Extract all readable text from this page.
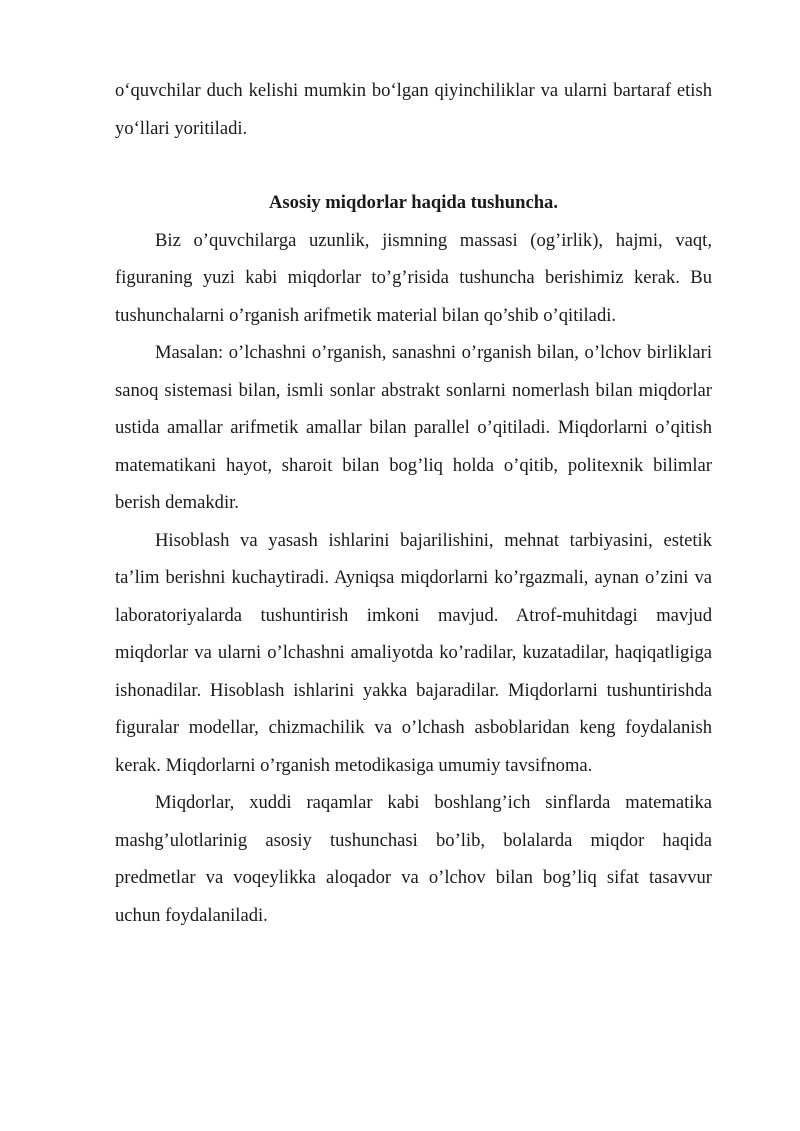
o‘quvchilar duch kelishi mumkin bo‘lgan qiyinchiliklar va ularni bartaraf etish yo‘llari yoritiladi.

Asosiy miqdorlar haqida tushuncha.

Biz o’quvchilarga uzunlik, jismning massasi (og’irlik), hajmi, vaqt, figuraning yuzi kabi miqdorlar to’g’risida tushuncha berishimiz kerak. Bu tushunchalarni o’rganish arifmetik material bilan qo’shib o’qitiladi.

Masalan: o’lchashni o’rganish, sanashni o’rganish bilan, o’lchov birliklari sanoq sistemasi bilan, ismli sonlar abstrakt sonlarni nomerlash bilan miqdorlar ustida amallar arifmetik amallar bilan parallel o’qitiladi. Miqdorlarni o’qitish matematikani hayot, sharoit bilan bog’liq holda o’qitib, politexnik bilimlar berish demakdir.

Hisoblash va yasash ishlarini bajarilishini, mehnat tarbiyasini, estetik ta’lim berishni kuchaytiradi. Ayniqsa miqdorlarni ko’rgazmali, aynan o’zini va laboratoriyalarda tushuntirish imkoni mavjud. Atrof-muhitdagi mavjud miqdorlar va ularni o’lchashni amaliyotda ko’radilar, kuzatadilar, haqiqatligiga ishonadilar. Hisoblash ishlarini yakka bajaradilar. Miqdorlarni tushuntirishda figuralar modellar, chizmachilik va o’lchash asboblaridan keng foydalanish kerak. Miqdorlarni o’rganish metodikasiga umumiy tavsifnoma.

Miqdorlar, xuddi raqamlar kabi boshlang’ich sinflarda matematika mashg’ulotlarinig asosiy tushunchasi bo’lib, bolalarda miqdor haqida predmetlar va voqeylikka aloqador va o’lchov bilan bog’liq sifat tasavvur uchun foydalaniladi.
